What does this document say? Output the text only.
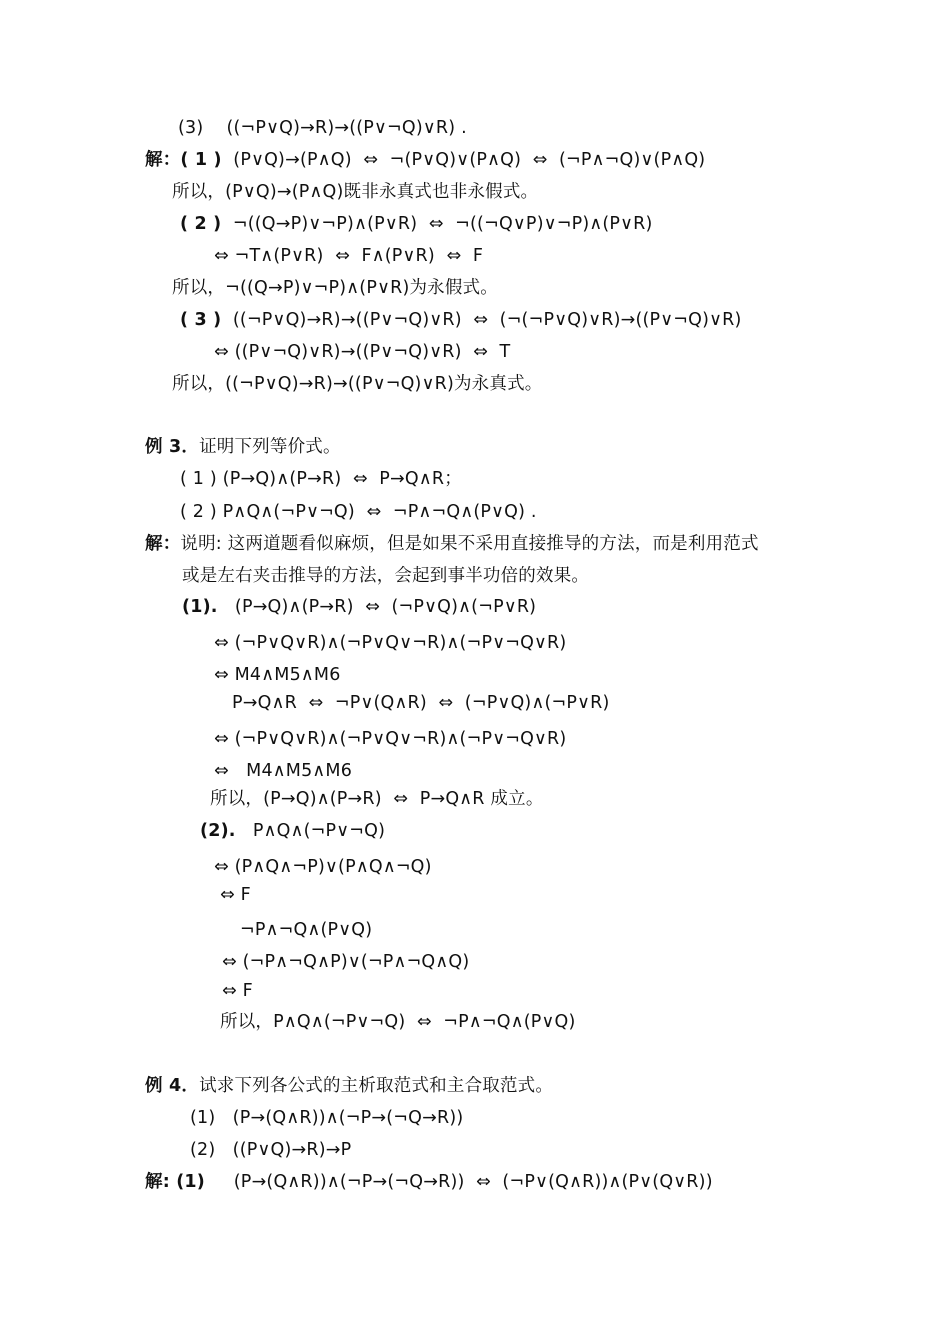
(3)    ((¬P∨Q)→R)→((P∨¬Q)∨R) .
解：( 1 )  (P∨Q)→(P∧Q)  ⇔  ¬(P∨Q)∨(P∧Q)  ⇔  (¬P∧¬Q)∨(P∧Q)
所以，(P∨Q)→(P∧Q)既非永真式也非永假式。
( 2 )  ¬((Q→P)∨¬P)∧(P∨R)  ⇔  ¬((¬Q∨P)∨¬P)∧(P∨R)
⇔ ¬T∧(P∨R)  ⇔  F∧(P∨R)  ⇔  F
所以，¬((Q→P)∨¬P)∧(P∨R)为永假式。
( 3 )  ((¬P∨Q)→R)→((P∨¬Q)∨R)  ⇔  (¬(¬P∨Q)∨R)→((P∨¬Q)∨R)
⇔ ((P∨¬Q)∨R)→((P∨¬Q)∨R)  ⇔  T
所以，((¬P∨Q)→R)→((P∨¬Q)∨R)为永真式。
例 3．证明下列等价式。
( 1 ) (P→Q)∧(P→R)  ⇔  P→Q∧R；
( 2 ) P∧Q∧(¬P∨¬Q)  ⇔  ¬P∧¬Q∧(P∨Q) .
解：说明: 这两道题看似麻烦，但是如果不采用直接推导的方法，而是利用范式
或是左右夹击推导的方法，会起到事半功倍的效果。
(1).   (P→Q)∧(P→R)  ⇔  (¬P∨Q)∧(¬P∨R)
⇔ (¬P∨Q∨R)∧(¬P∨Q∨¬R)∧(¬P∨¬Q∨R)
⇔ M4∧M5∧M6
P→Q∧R  ⇔  ¬P∨(Q∧R)  ⇔  (¬P∨Q)∧(¬P∨R)
⇔ (¬P∨Q∨R)∧(¬P∨Q∨¬R)∧(¬P∨¬Q∨R)
⇔   M4∧M5∧M6
所以，(P→Q)∧(P→R)  ⇔  P→Q∧R 成立。
(2).   P∧Q∧(¬P∨¬Q)
⇔ (P∧Q∧¬P)∨(P∧Q∧¬Q)
⇔ F
¬P∧¬Q∧(P∨Q)
⇔ (¬P∧¬Q∧P)∨(¬P∧¬Q∧Q)
⇔ F
所以，P∧Q∧(¬P∨¬Q)  ⇔  ¬P∧¬Q∧(P∨Q)
例 4．试求下列各公式的主析取范式和主合取范式。
(1)   (P→(Q∧R))∧(¬P→(¬Q→R))
(2)   ((P∨Q)→R)→P
解: (1)     (P→(Q∧R))∧(¬P→(¬Q→R))  ⇔  (¬P∨(Q∧R))∧(P∨(Q∨R))
